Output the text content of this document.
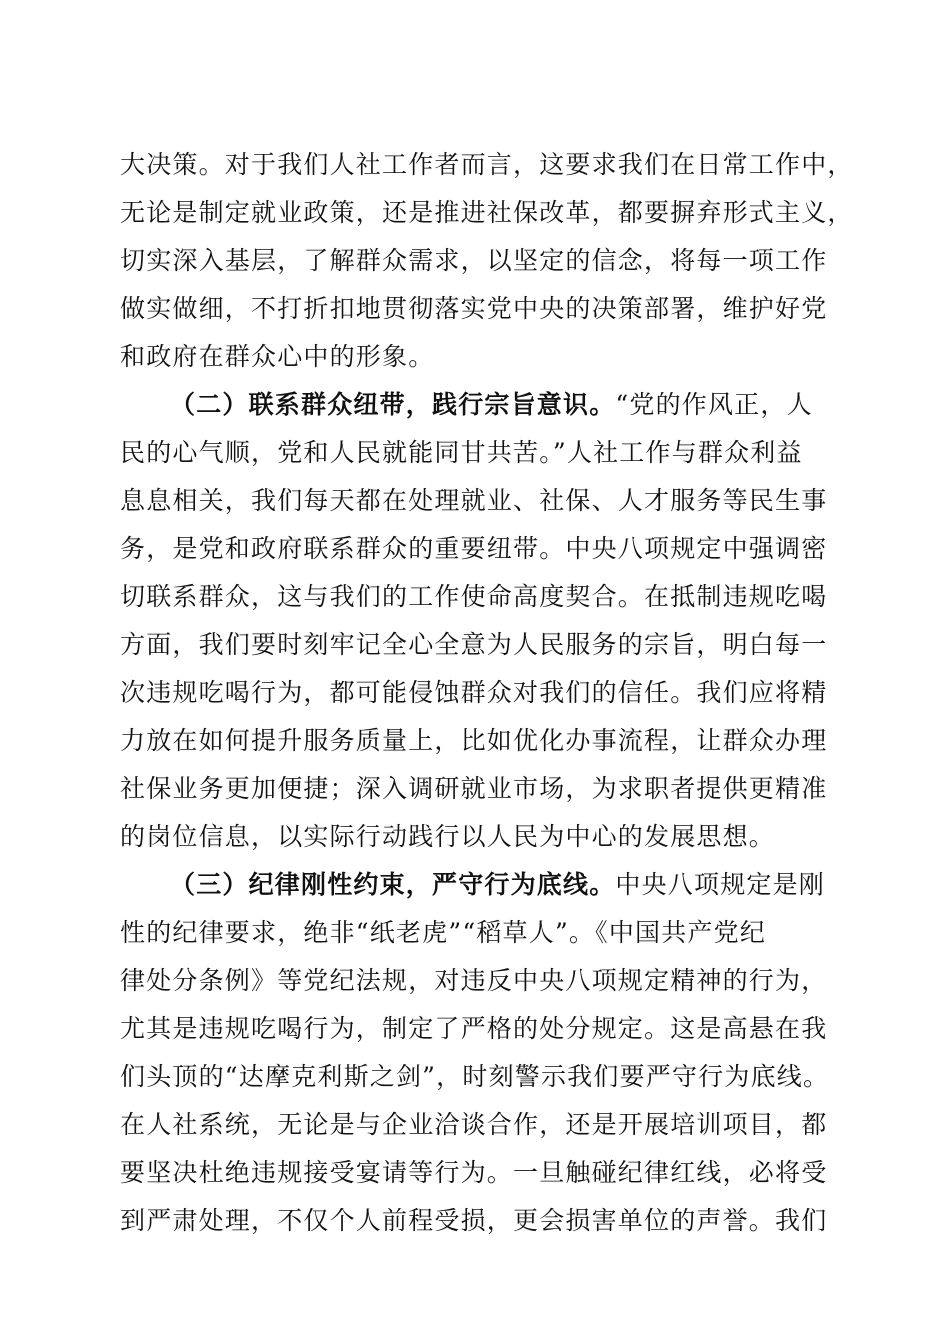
大决策。对于我们人社工作者而言，这要求我们在日常工作中，
无论是制定就业政策，还是推进社保改革，都要摒弃形式主义，
切实深入基层，了解群众需求，以坚定的信念，将每一项工作
做实做细，不打折扣地贯彻落实党中央的决策部署，维护好党
和政府在群众心中的形象。
（二）联系群众纽带，践行宗旨意识。“党的作风正，人
民的心气顺，党和人民就能同甘共苦。”人社工作与群众利益
息息相关，我们每天都在处理就业、社保、人才服务等民生事
务，是党和政府联系群众的重要纽带。中央八项规定中强调密
切联系群众，这与我们的工作使命高度契合。在抵制违规吃喝
方面，我们要时刻牢记全心全意为人民服务的宗旨，明白每一
次违规吃喝行为，都可能侵蚀群众对我们的信任。我们应将精
力放在如何提升服务质量上，比如优化办事流程，让群众办理
社保业务更加便捷；深入调研就业市场，为求职者提供更精准
的岗位信息，以实际行动践行以人民为中心的发展思想。
（三）纪律刚性约束，严守行为底线。中央八项规定是刚
性的纪律要求，绝非“纸老虎”“稻草人”。《中国共产党纪
律处分条例》等党纪法规，对违反中央八项规定精神的行为，
尤其是违规吃喝行为，制定了严格的处分规定。这是高悬在我
们头顶的“达摩克利斯之剑”，时刻警示我们要严守行为底线。
在人社系统，无论是与企业洽谈合作，还是开展培训项目，都
要坚决杜绝违规接受宴请等行为。一旦触碰纪律红线，必将受
到严肃处理，不仅个人前程受损，更会损害单位的声誉。我们
